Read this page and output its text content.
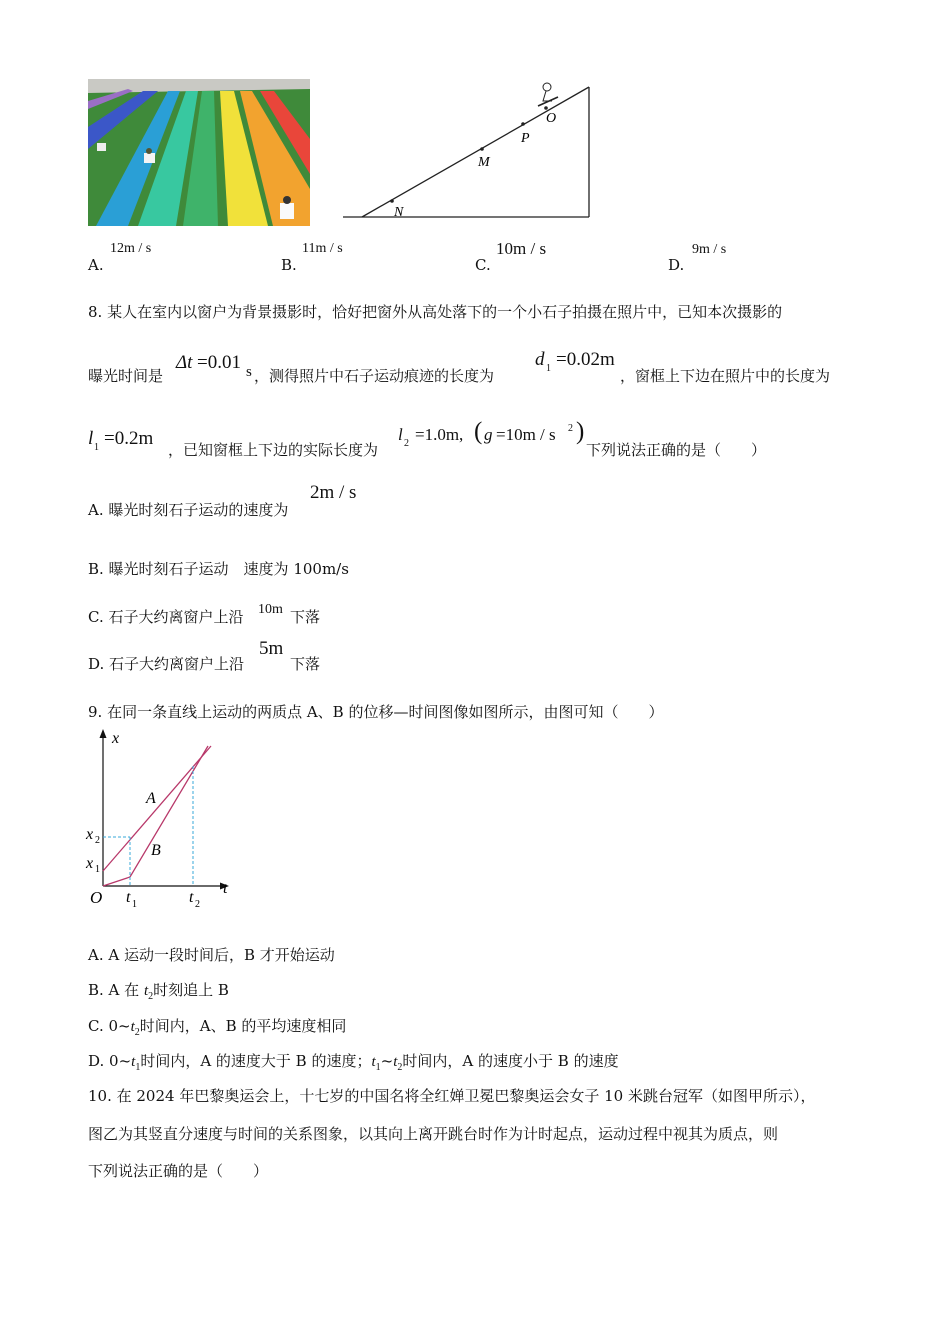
O
P
M
N
A.
12m / s
B.
11m / s
C.
10m / s
D.
9m / s
8. 某人在室内以窗户为背景摄影时，恰好把窗外从高处落下的一个小石子拍摄在照片中，已知本次摄影的
曝光时间是
Δt =0.01 s ，测得照片中石子运动痕迹的长度为
d 1 =0.02m
，窗框上下边在照片中的长度为
l 1 =0.2m
，已知窗框上下边的实际长度为
l 2 =1.0m, ( g =10m / s 2 )
下列说法正确的是（　　）
A. 曝光时刻石子运动的速度为
2m / s
B. 曝光时刻石子运动　速度为 100m/s
C. 石子大约离窗户上沿 10m 下落
D. 石子大约离窗户上沿
5m
下落
9. 在同一条直线上运动的两质点 A、B 的位移—时间图像如图所示，由图可知（　　）
x
t
O
A
B
x 2
x 1
t 1	t 2
A. A 运动一段时间后，B 才开始运动
B. A 在 $t_2$时刻追上 B
C. $0\sim t_2$时间内，A、B 的平均速度相同
D. $0\sim t_1$时间内，A 的速度大于 B 的速度；$t_1\sim t_2$时间内，A 的速度小于 B 的速度
10. 在 2024 年巴黎奥运会上，十七岁的中国名将全红婵卫冕巴黎奥运会女子 10 米跳台冠军（如图甲所示），
图乙为其竖直分速度与时间的关系图象，以其向上离开跳台时作为计时起点，运动过程中视其为质点，则
下列说法正确的是（　　）
